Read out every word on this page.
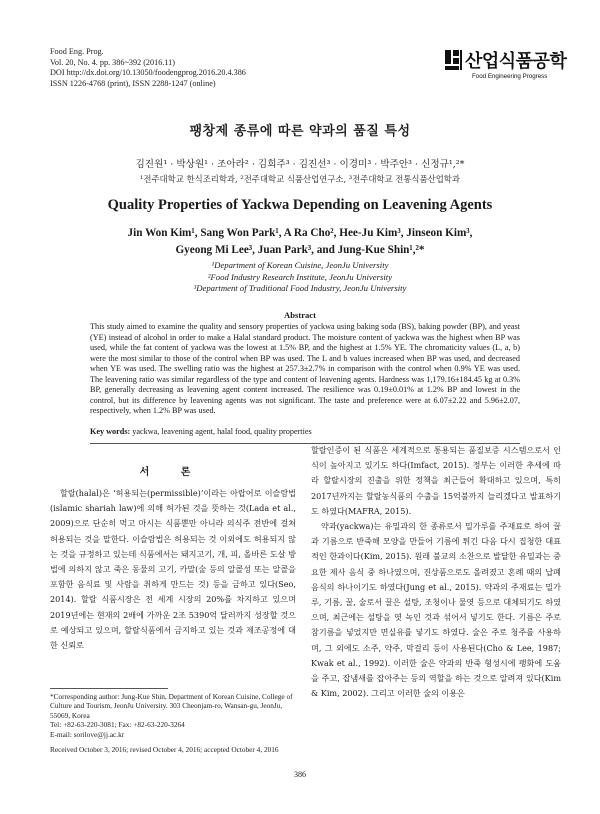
Food Eng. Prog.
Vol. 20, No. 4. pp. 386~392 (2016.11)
DOI http://dx.doi.org/10.13050/foodengprog.2016.20.4.386
ISSN 1226-4768 (print), ISSN 2288-1247 (online)
산업식품공학
Food Engineering Progress
팽창제 종류에 따른 약과의 품질 특성
김진원¹ · 박상원¹ · 조아라² · 김희주³ · 김진선³ · 이경미³ · 박주안³ · 신정규¹,²*
¹전주대학교 한식조리학과, ²전주대학교 식품산업연구소, ³전주대학교 전통식품산업학과
Quality Properties of Yackwa Depending on Leavening Agents
Jin Won Kim¹, Sang Won Park¹, A Ra Cho², Hee-Ju Kim³, Jinseon Kim³,
Gyeong Mi Lee³, Juan Park³, and Jung-Kue Shin¹,²*
¹Department of Korean Cuisine, JeonJu University
²Food Industry Research Institute, JeonJu University
³Department of Traditional Food Industry, JeonJu University
Abstract
This study aimed to examine the quality and sensory properties of yackwa using baking soda (BS), baking powder (BP), and yeast (YE) instead of alcohol in order to make a Halal standard product. The moisture content of yackwa was the highest when BP was used, while the fat content of yackwa was the lowest at 1.5% BP, and the highest at 1.5% YE. The chromaticity values (L, a, b) were the most similar to those of the control when BP was used. The L and b values increased when BP was used, and decreased when YE was used. The swelling ratio was the highest at 257.3±2.7% in comparison with the control when 0.9% YE was used. The leavening ratio was similar regardless of the type and content of leavening agents. Hardness was 1,179.16±184.45 kg at 0.3% BP, generally decreasing as leavening agent content increased. The resilience was 0.19±0.01% at 1.2% BP and lowest in the control, but its difference by leavening agents was not significant. The taste and preference were at 6.07±2.22 and 5.96±2.07, respectively, when 1.2% BP was used.
Key words: yackwa, leavening agent, halal food, quality properties
서 론
할랄(halal)은 ‘허용되는(permissible)’이라는 아랍어로 이슬람법(islamic shariah law)에 의해 허가된 것을 뜻하는 것(Lada et al., 2009)으로 단순히 먹고 마시는 식품뿐만 아니라 의식주 전반에 걸쳐 허용되는 것을 말한다. 이슬람법은 허용되는 것 이외에도 허용되지 않는 것을 규정하고 있는데 식품에서는 돼지고기, 개, 피, 올바른 도살 방법에 의하지 않고 죽은 동물의 고기, 카말(술 등의 알콜성 또는 알콜을 포함한 음식료 및 사람을 취하게 만드는 것) 등을 금하고 있다(Seo, 2014). 할랄 식품시장은 전 세계 시장의 20%를 차지하고 있으며 2019년에는 현재의 2배에 가까운 2조 5390억 달러까지 성장할 것으로 예상되고 있으며, 할랄식품에서 금지하고 있는 것과 제조공정에 대한 신뢰로

할랄인증이 된 식품은 세계적으로 통용되는 품질보증 시스템으로서 인식이 높아지고 있기도 하다(Imfact, 2015). 정부는 이러한 추세에 따라 할랄시장의 진출을 위한 정책을 최근들어 확대하고 있으며, 특히 2017년까지는 할랄농식품의 수출을 15억불까지 늘리겠다고 발표하기도 하였다(MAFRA, 2015).

약과(yackwa)는 유밀과의 한 종류로서 밀가루를 주재료로 하여 꿀과 기름으로 반죽해 모양을 만들어 기름에 튀긴 다음 다시 집청한 대표적인 한과이다(Kim, 2015). 원래 불교의 소찬으로 발달한 유밀과는 중요한 제사 음식 중 하나였으며, 진상품으로도 올려졌고 혼례 때의 납폐음식의 하나이기도 하였다(Jung et al., 2015). 약과의 주재료는 밀가루, 기름, 꿀, 술로서 꿀은 설탕, 조청이나 물엿 등으로 대체되기도 하였으며, 최근에는 설탕을 엿 녹인 것과 섞어서 넣기도 한다. 기름은 주로 참기름을 넣었지만 면실유를 넣기도 하였다. 술은 주로 청주를 사용하며, 그 외에도 소주, 약주, 막걸리 등이 사용된다(Cho & Lee, 1987; Kwak et al., 1992). 이러한 술은 약과의 반죽 형성시에 팽화에 도움을 주고, 잡냄새를 잡아주는 등의 역할을 하는 것으로 알려져 있다(Kim & Kim, 2002). 그리고 이러한 술의 이용은

*Corresponding author: Jung-Kue Shin, Department of Korean Cuisine, College of Culture and Tourism, JeonJu University. 303 Cheonjam-ro, Wansan-gu, JeonJu, 55069, Korea
Tel: +82-63-220-3081; Fax: +82-63-220-3264
E-mail: sorilove@jj.ac.kr
Received October 3, 2016; revised October 4, 2016; accepted October 4, 2016
386
